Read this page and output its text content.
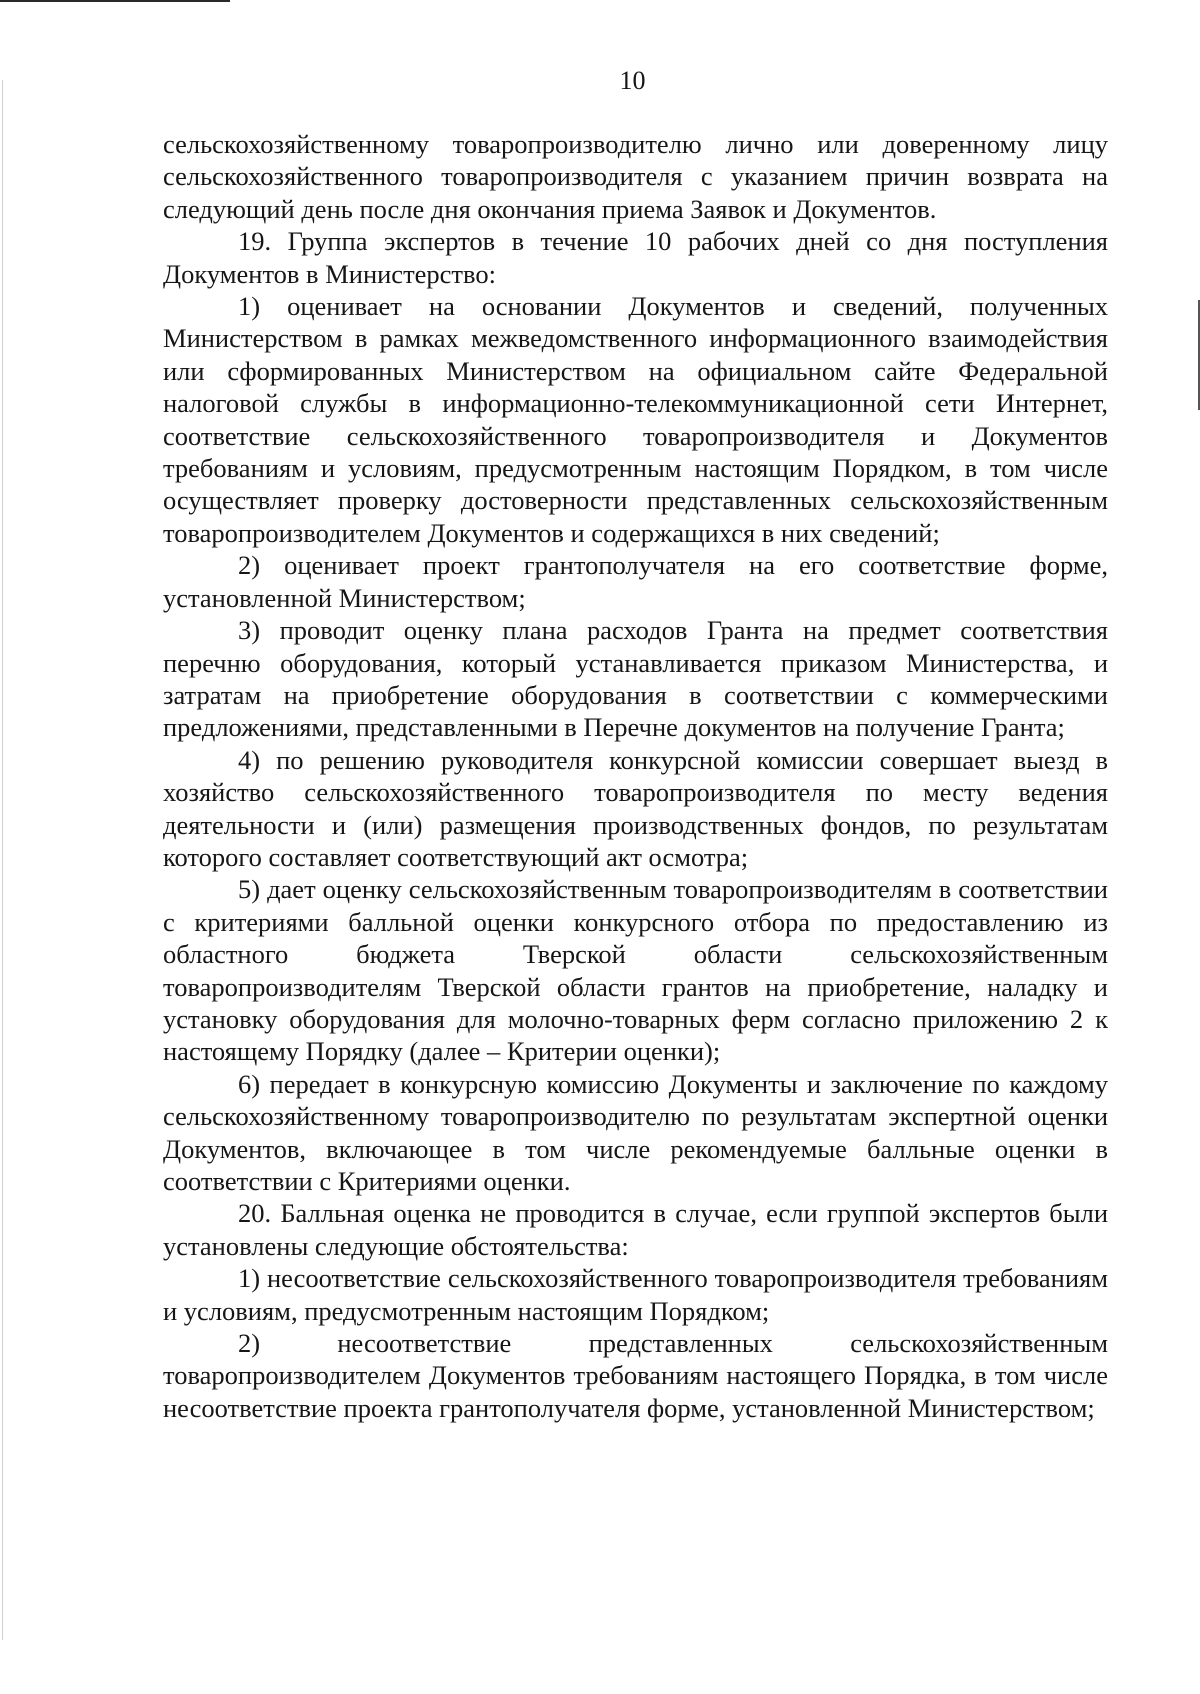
10

сельскохозяйственному товаропроизводителю лично или доверенному лицу сельскохозяйственного товаропроизводителя с указанием причин возврата на следующий день после дня окончания приема Заявок и Документов.

19. Группа экспертов в течение 10 рабочих дней со дня поступления Документов в Министерство:

1) оценивает на основании Документов и сведений, полученных Министерством в рамках межведомственного информационного взаимодействия или сформированных Министерством на официальном сайте Федеральной налоговой службы в информационно-телекоммуникационной сети Интернет, соответствие сельскохозяйственного товаропроизводителя и Документов требованиям и условиям, предусмотренным настоящим Порядком, в том числе осуществляет проверку достоверности представленных сельскохозяйственным товаропроизводителем Документов и содержащихся в них сведений;

2) оценивает проект грантополучателя на его соответствие форме, установленной Министерством;

3) проводит оценку плана расходов Гранта на предмет соответствия перечню оборудования, который устанавливается приказом Министерства, и затратам на приобретение оборудования в соответствии с коммерческими предложениями, представленными в Перечне документов на получение Гранта;

4) по решению руководителя конкурсной комиссии совершает выезд в хозяйство сельскохозяйственного товаропроизводителя по месту ведения деятельности и (или) размещения производственных фондов, по результатам которого составляет соответствующий акт осмотра;

5) дает оценку сельскохозяйственным товаропроизводителям в соответствии с критериями балльной оценки конкурсного отбора по предоставлению из областного бюджета Тверской области сельскохозяйственным товаропроизводителям Тверской области грантов на приобретение, наладку и установку оборудования для молочно-товарных ферм согласно приложению 2 к настоящему Порядку (далее – Критерии оценки);

6) передает в конкурсную комиссию Документы и заключение по каждому сельскохозяйственному товаропроизводителю по результатам экспертной оценки Документов, включающее в том числе рекомендуемые балльные оценки в соответствии с Критериями оценки.

20. Балльная оценка не проводится в случае, если группой экспертов были установлены следующие обстоятельства:

1) несоответствие сельскохозяйственного товаропроизводителя требованиям и условиям, предусмотренным настоящим Порядком;

2) несоответствие представленных сельскохозяйственным товаропроизводителем Документов требованиям настоящего Порядка, в том числе несоответствие проекта грантополучателя форме, установленной Министерством;
